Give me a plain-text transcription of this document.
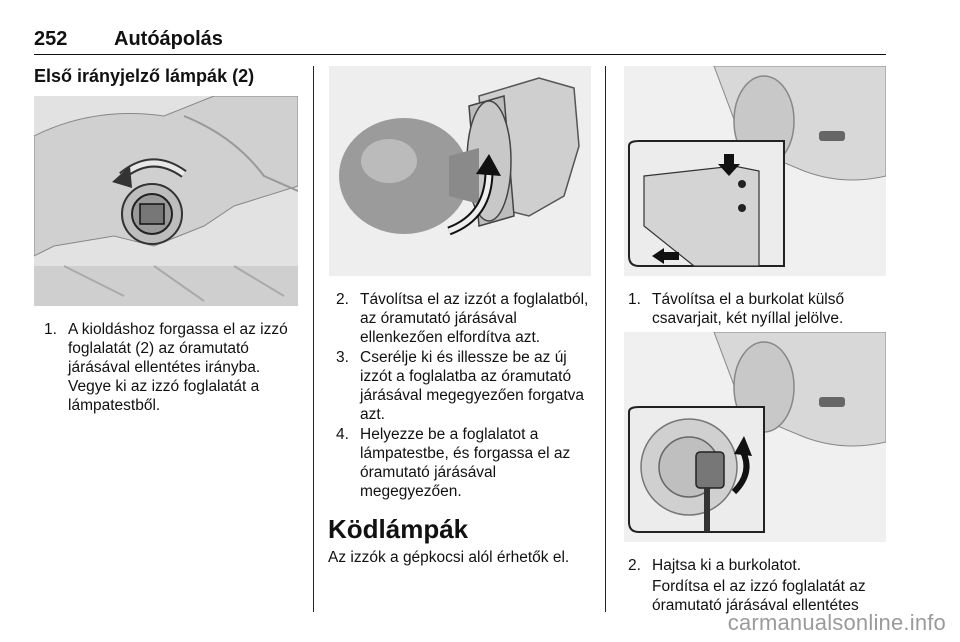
252 Autóápolás
Első irányjelző lámpák (2)
1. A kioldáshoz forgassa el az izzó
foglalatát (2) az óramutató
járásával ellentétes irányba.
Vegye ki az izzó foglalatát a
lámpatestből.
2. Távolítsa el az izzót a foglalatból,
az óramutató járásával
ellenkezően elfordítva azt.
3. Cserélje ki és illessze be az új
izzót a foglalatba az óramutató
járásával megegyezően forgatva
azt.
4. Helyezze be a foglalatot a
lámpatestbe, és forgassa el az
óramutató járásával
megegyezően.
Ködlámpák
Az izzók a gépkocsi alól érhetők el.
1. Távolítsa el a burkolat külső
csavarjait, két nyíllal jelölve.
2. Hajtsa ki a burkolatot.
Fordítsa el az izzó foglalatát az
óramutató járásával ellentétes
carmanualsonline.info
